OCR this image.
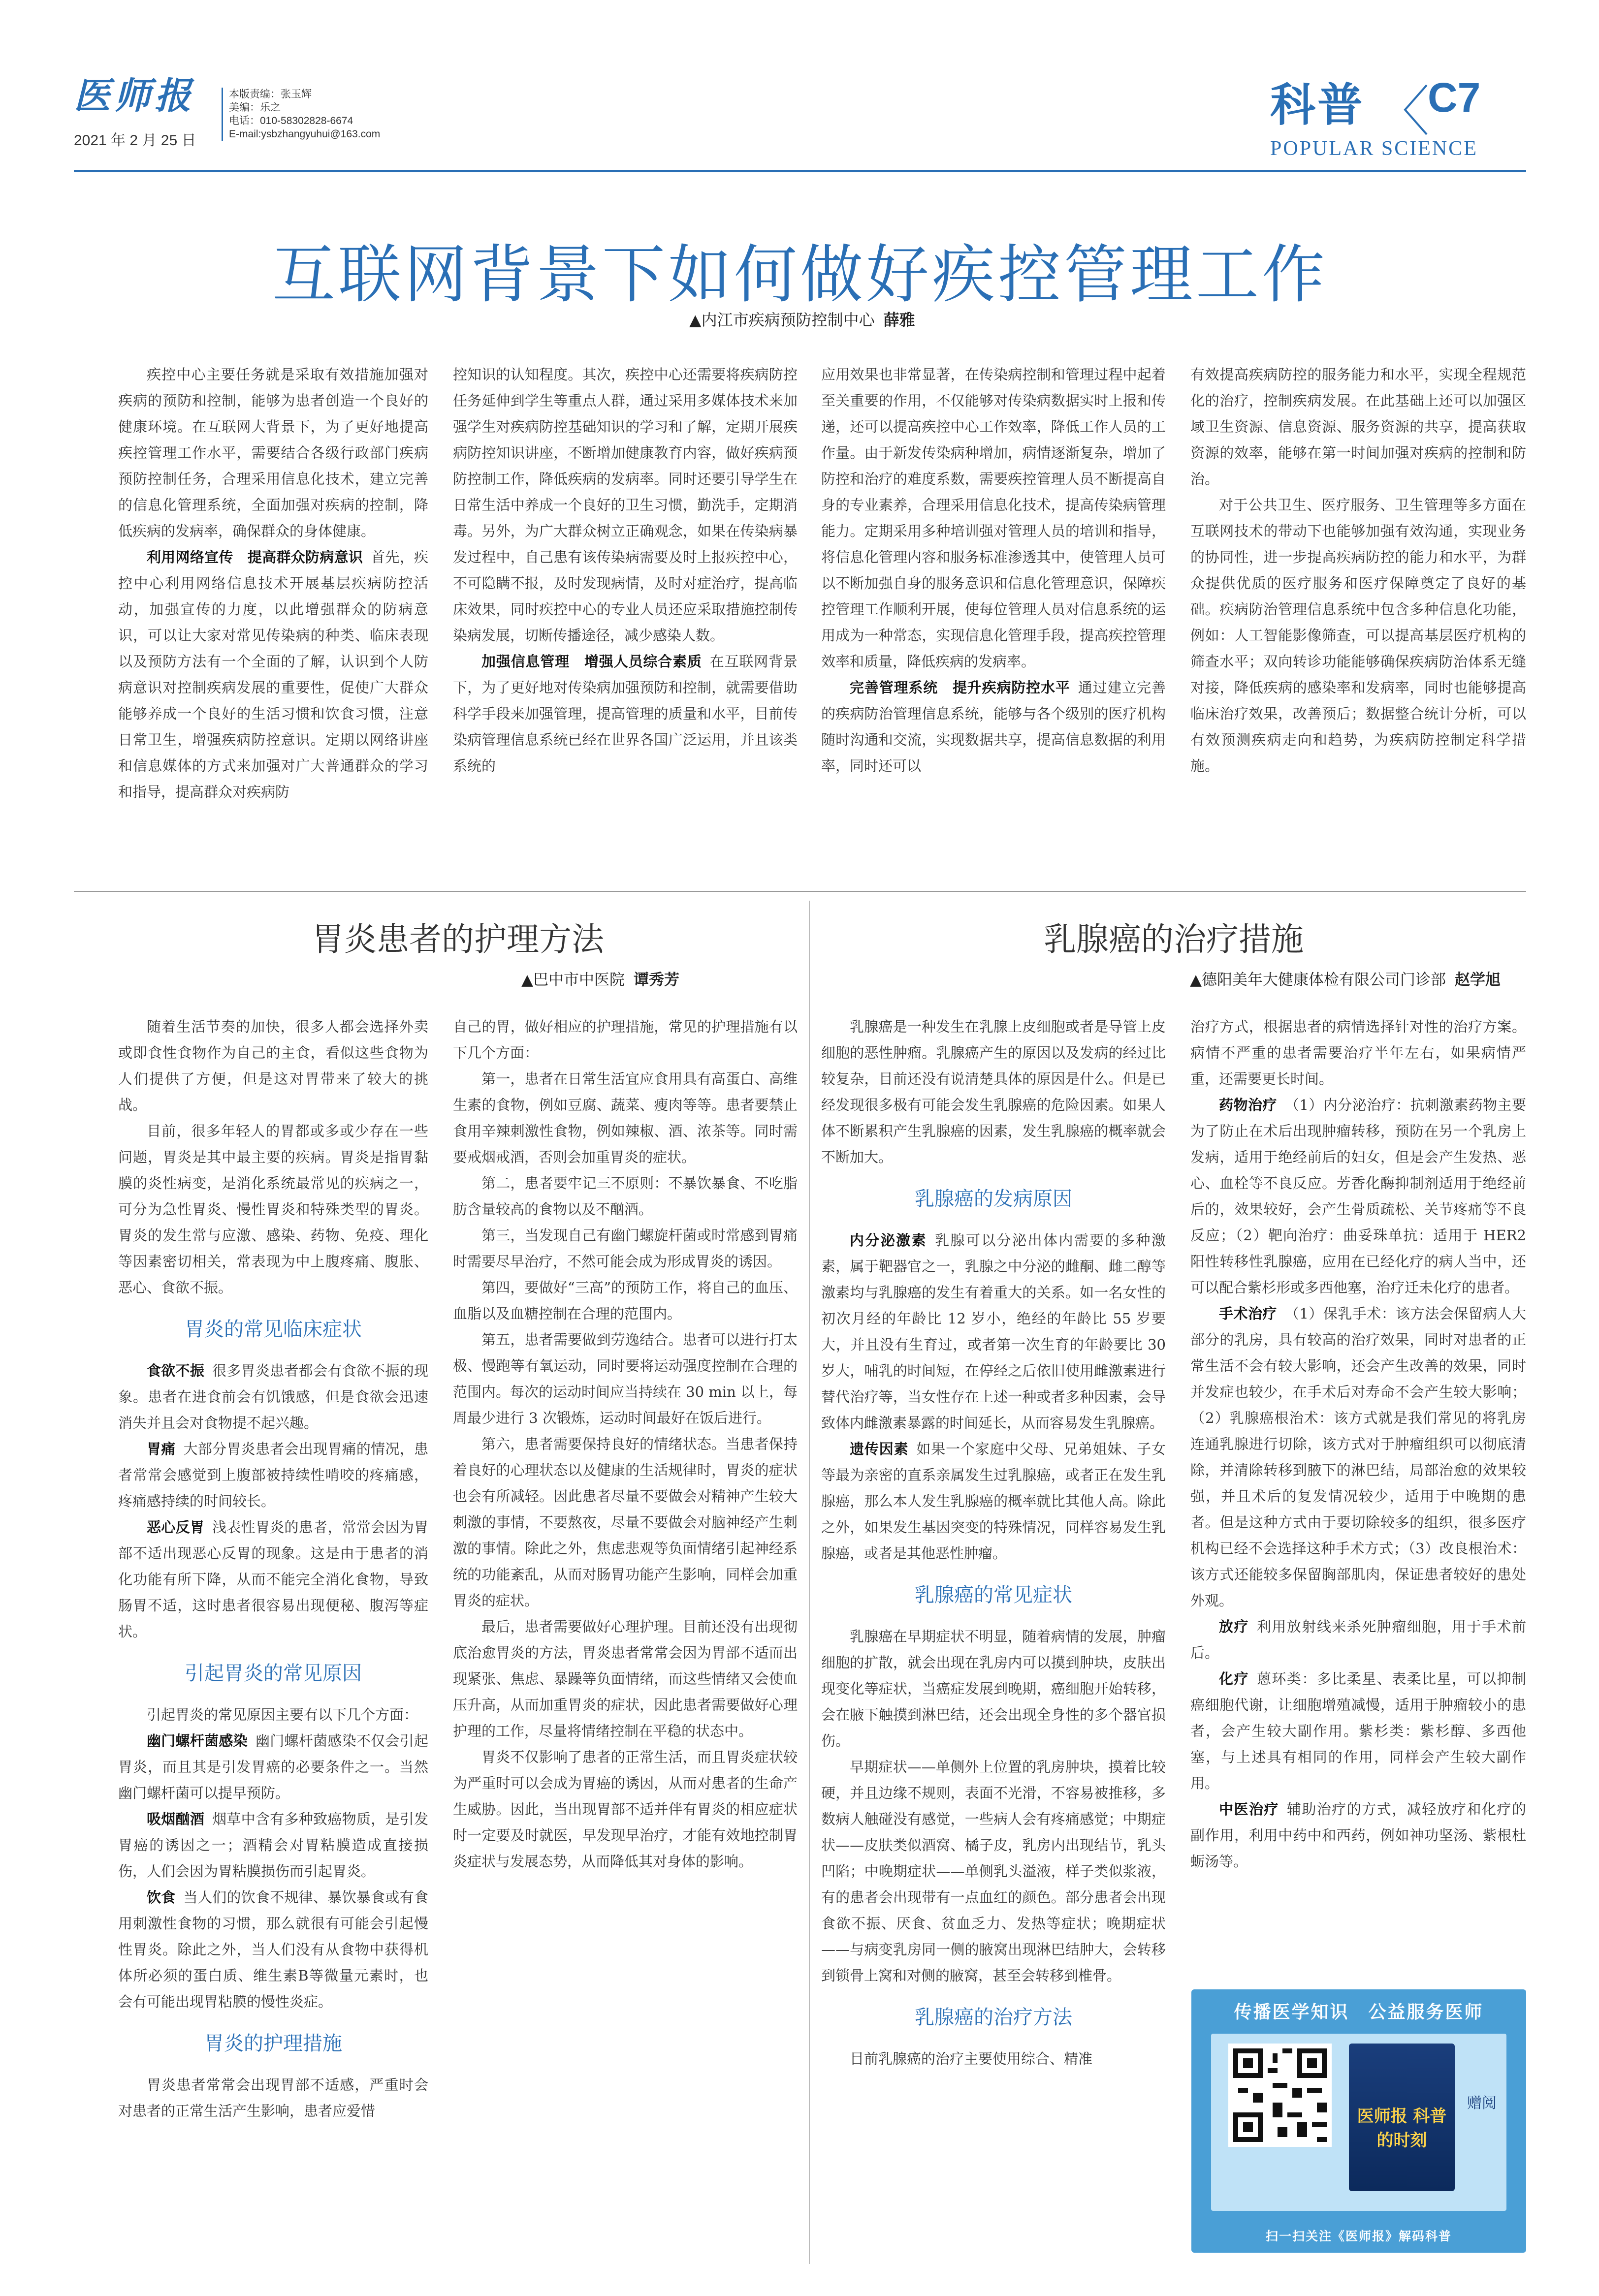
医师报
2021 年 2 月 25 日
本版责编：张玉辉
美编：乐之
电话：010-58302828-6674
E-mail:ysbzhangyuhui@163.com
科普 C7
POPULAR SCIENCE
互联网背景下如何做好疾控管理工作
▲内江市疾病预防控制中心 薛雅

疾控中心主要任务就是采取有效措施加强对疾病的预防和控制，能够为患者创造一个良好的健康环境。在互联网大背景下，为了更好地提高疾控管理工作水平，需要结合各级行政部门疾病预防控制任务，合理采用信息化技术，建立完善的信息化管理系统，全面加强对疾病的控制，降低疾病的发病率，确保群众的身体健康。

利用网络宣传　提高群众防病意识 首先，疾控中心利用网络信息技术开展基层疾病防控活动，加强宣传的力度，以此增强群众的防病意识，可以让大家对常见传染病的种类、临床表现以及预防方法有一个全面的了解，认识到个人防病意识对控制疾病发展的重要性，促使广大群众能够养成一个良好的生活习惯和饮食习惯，注意日常卫生，增强疾病防控意识。定期以网络讲座和信息媒体的方式来加强对广大普通群众的学习和指导，提高群众对疾病防

控知识的认知程度。其次，疾控中心还需要将疾病防控任务延伸到学生等重点人群，通过采用多媒体技术来加强学生对疾病防控基础知识的学习和了解，定期开展疾病防控知识讲座，不断增加健康教育内容，做好疾病预防控制工作，降低疾病的发病率。同时还要引导学生在日常生活中养成一个良好的卫生习惯，勤洗手，定期消毒。另外，为广大群众树立正确观念，如果在传染病暴发过程中，自己患有该传染病需要及时上报疾控中心，不可隐瞒不报，及时发现病情，及时对症治疗，提高临床效果，同时疾控中心的专业人员还应采取措施控制传染病发展，切断传播途径，减少感染人数。

加强信息管理　增强人员综合素质 在互联网背景下，为了更好地对传染病加强预防和控制，就需要借助科学手段来加强管理，提高管理的质量和水平，目前传染病管理信息系统已经在世界各国广泛运用，并且该类系统的

应用效果也非常显著，在传染病控制和管理过程中起着至关重要的作用，不仅能够对传染病数据实时上报和传递，还可以提高疾控中心工作效率，降低工作人员的工作量。由于新发传染病种增加，病情逐渐复杂，增加了防控和治疗的难度系数，需要疾控管理人员不断提高自身的专业素养，合理采用信息化技术，提高传染病管理能力。定期采用多种培训强对管理人员的培训和指导，将信息化管理内容和服务标准渗透其中，使管理人员可以不断加强自身的服务意识和信息化管理意识，保障疾控管理工作顺利开展，使每位管理人员对信息系统的运用成为一种常态，实现信息化管理手段，提高疾控管理效率和质量，降低疾病的发病率。

完善管理系统　提升疾病防控水平 通过建立完善的疾病防治管理信息系统，能够与各个级别的医疗机构随时沟通和交流，实现数据共享，提高信息数据的利用率，同时还可以

有效提高疾病防控的服务能力和水平，实现全程规范化的治疗，控制疾病发展。在此基础上还可以加强区域卫生资源、信息资源、服务资源的共享，提高获取资源的效率，能够在第一时间加强对疾病的控制和防治。

对于公共卫生、医疗服务、卫生管理等多方面在互联网技术的带动下也能够加强有效沟通，实现业务的协同性，进一步提高疾病防控的能力和水平，为群众提供优质的医疗服务和医疗保障奠定了良好的基础。疾病防治管理信息系统中包含多种信息化功能，例如：人工智能影像筛查，可以提高基层医疗机构的筛查水平；双向转诊功能能够确保疾病防治体系无缝对接，降低疾病的感染率和发病率，同时也能够提高临床治疗效果，改善预后；数据整合统计分析，可以有效预测疾病走向和趋势，为疾病防控制定科学措施。

胃炎患者的护理方法
▲巴中市中医院 谭秀芳

随着生活节奏的加快，很多人都会选择外卖或即食性食物作为自己的主食，看似这些食物为人们提供了方便，但是这对胃带来了较大的挑战。

目前，很多年轻人的胃都或多或少存在一些问题，胃炎是其中最主要的疾病。胃炎是指胃黏膜的炎性病变，是消化系统最常见的疾病之一，可分为急性胃炎、慢性胃炎和特殊类型的胃炎。胃炎的发生常与应激、感染、药物、免疫、理化等因素密切相关，常表现为中上腹疼痛、腹胀、恶心、食欲不振。

胃炎的常见临床症状

食欲不振 很多胃炎患者都会有食欲不振的现象。患者在进食前会有饥饿感，但是食欲会迅速消失并且会对食物提不起兴趣。

胃痛 大部分胃炎患者会出现胃痛的情况，患者常常会感觉到上腹部被持续性啃咬的疼痛感，疼痛感持续的时间较长。

恶心反胃 浅表性胃炎的患者，常常会因为胃部不适出现恶心反胃的现象。这是由于患者的消化功能有所下降，从而不能完全消化食物，导致肠胃不适，这时患者很容易出现便秘、腹泻等症状。

引起胃炎的常见原因

引起胃炎的常见原因主要有以下几个方面：

幽门螺杆菌感染 幽门螺杆菌感染不仅会引起胃炎，而且其是引发胃癌的必要条件之一。当然幽门螺杆菌可以提早预防。

吸烟酗酒 烟草中含有多种致癌物质，是引发胃癌的诱因之一；酒精会对胃粘膜造成直接损伤，人们会因为胃粘膜损伤而引起胃炎。

饮食 当人们的饮食不规律、暴饮暴食或有食用刺激性食物的习惯，那么就很有可能会引起慢性胃炎。除此之外，当人们没有从食物中获得机体所必须的蛋白质、维生素B等微量元素时，也会有可能出现胃粘膜的慢性炎症。

胃炎的护理措施

胃炎患者常常会出现胃部不适感，严重时会对患者的正常生活产生影响，患者应爱惜

自己的胃，做好相应的护理措施，常见的护理措施有以下几个方面：

第一，患者在日常生活宜应食用具有高蛋白、高维生素的食物，例如豆腐、蔬菜、瘦肉等等。患者要禁止食用辛辣刺激性食物，例如辣椒、酒、浓茶等。同时需要戒烟戒酒，否则会加重胃炎的症状。

第二，患者要牢记三不原则：不暴饮暴食、不吃脂肪含量较高的食物以及不酗酒。

第三，当发现自己有幽门螺旋杆菌或时常感到胃痛时需要尽早治疗，不然可能会成为形成胃炎的诱因。

第四，要做好“三高”的预防工作，将自己的血压、血脂以及血糖控制在合理的范围内。

第五，患者需要做到劳逸结合。患者可以进行打太极、慢跑等有氧运动，同时要将运动强度控制在合理的范围内。每次的运动时间应当持续在 30 min 以上，每周最少进行 3 次锻炼，运动时间最好在饭后进行。

第六，患者需要保持良好的情绪状态。当患者保持着良好的心理状态以及健康的生活规律时，胃炎的症状也会有所减轻。因此患者尽量不要做会对精神产生较大刺激的事情，不要熬夜，尽量不要做会对脑神经产生刺激的事情。除此之外，焦虑悲观等负面情绪引起神经系统的功能紊乱，从而对肠胃功能产生影响，同样会加重胃炎的症状。

最后，患者需要做好心理护理。目前还没有出现彻底治愈胃炎的方法，胃炎患者常常会因为胃部不适而出现紧张、焦虑、暴躁等负面情绪，而这些情绪又会使血压升高，从而加重胃炎的症状，因此患者需要做好心理护理的工作，尽量将情绪控制在平稳的状态中。

胃炎不仅影响了患者的正常生活，而且胃炎症状较为严重时可以会成为胃癌的诱因，从而对患者的生命产生威胁。因此，当出现胃部不适并伴有胃炎的相应症状时一定要及时就医，早发现早治疗，才能有效地控制胃炎症状与发展态势，从而降低其对身体的影响。

乳腺癌的治疗措施
▲德阳美年大健康体检有限公司门诊部 赵学旭

乳腺癌是一种发生在乳腺上皮细胞或者是导管上皮细胞的恶性肿瘤。乳腺癌产生的原因以及发病的经过比较复杂，目前还没有说清楚具体的原因是什么。但是已经发现很多极有可能会发生乳腺癌的危险因素。如果人体不断累积产生乳腺癌的因素，发生乳腺癌的概率就会不断加大。

乳腺癌的发病原因

内分泌激素 乳腺可以分泌出体内需要的多种激素，属于靶器官之一，乳腺之中分泌的雌酮、雌二醇等激素均与乳腺癌的发生有着重大的关系。如一名女性的初次月经的年龄比 12 岁小，绝经的年龄比 55 岁要大，并且没有生育过，或者第一次生育的年龄要比 30 岁大，哺乳的时间短，在停经之后依旧使用雌激素进行替代治疗等，当女性存在上述一种或者多种因素，会导致体内雌激素暴露的时间延长，从而容易发生乳腺癌。

遗传因素 如果一个家庭中父母、兄弟姐妹、子女等最为亲密的直系亲属发生过乳腺癌，或者正在发生乳腺癌，那么本人发生乳腺癌的概率就比其他人高。除此之外，如果发生基因突变的特殊情况，同样容易发生乳腺癌，或者是其他恶性肿瘤。

乳腺癌的常见症状

乳腺癌在早期症状不明显，随着病情的发展，肿瘤细胞的扩散，就会出现在乳房内可以摸到肿块，皮肤出现变化等症状，当癌症发展到晚期，癌细胞开始转移，会在腋下触摸到淋巴结，还会出现全身性的多个器官损伤。

早期症状——单侧外上位置的乳房肿块，摸着比较硬，并且边缘不规则，表面不光滑，不容易被推移，多数病人触碰没有感觉，一些病人会有疼痛感觉；中期症状——皮肤类似酒窝、橘子皮，乳房内出现结节，乳头凹陷；中晚期症状——单侧乳头溢液，样子类似浆液，有的患者会出现带有一点血红的颜色。部分患者会出现食欲不振、厌食、贫血乏力、发热等症状；晚期症状——与病变乳房同一侧的腋窝出现淋巴结肿大，会转移到锁骨上窝和对侧的腋窝，甚至会转移到椎骨。

乳腺癌的治疗方法

目前乳腺癌的治疗主要使用综合、精准

治疗方式，根据患者的病情选择针对性的治疗方案。病情不严重的患者需要治疗半年左右，如果病情严重，还需要更长时间。

药物治疗 （1）内分泌治疗：抗刺激素药物主要为了防止在术后出现肿瘤转移，预防在另一个乳房上发病，适用于绝经前后的妇女，但是会产生发热、恶心、血栓等不良反应。芳香化酶抑制剂适用于绝经前后的，效果较好，会产生骨质疏松、关节疼痛等不良反应；（2）靶向治疗：曲妥珠单抗：适用于 HER2 阳性转移性乳腺癌，应用在已经化疗的病人当中，还可以配合紫杉形或多西他塞，治疗迁未化疗的患者。

手术治疗 （1）保乳手术：该方法会保留病人大部分的乳房，具有较高的治疗效果，同时对患者的正常生活不会有较大影响，还会产生改善的效果，同时并发症也较少，在手术后对寿命不会产生较大影响；（2）乳腺癌根治术：该方式就是我们常见的将乳房连通乳腺进行切除，该方式对于肿瘤组织可以彻底清除，并清除转移到腋下的淋巴结，局部治愈的效果较强，并且术后的复发情况较少，适用于中晚期的患者。但是这种方式由于要切除较多的组织，很多医疗机构已经不会选择这种手术方式；（3）改良根治术：该方式还能较多保留胸部肌肉，保证患者较好的患处外观。

放疗 利用放射线来杀死肿瘤细胞，用于手术前后。

化疗 蒽环类：多比柔星、表柔比星，可以抑制癌细胞代谢，让细胞增殖减慢，适用于肿瘤较小的患者，会产生较大副作用。紫杉类：紫杉醇、多西他塞，与上述具有相同的作用，同样会产生较大副作用。

中医治疗 辅助治疗的方式，减轻放疗和化疗的副作用，利用中药中和西药，例如神功坚汤、紫根杜蛎汤等。

传播医学知识　公益服务医师
医师报 科普的时刻
赠阅
扫一扫关注《医师报》解码科普
